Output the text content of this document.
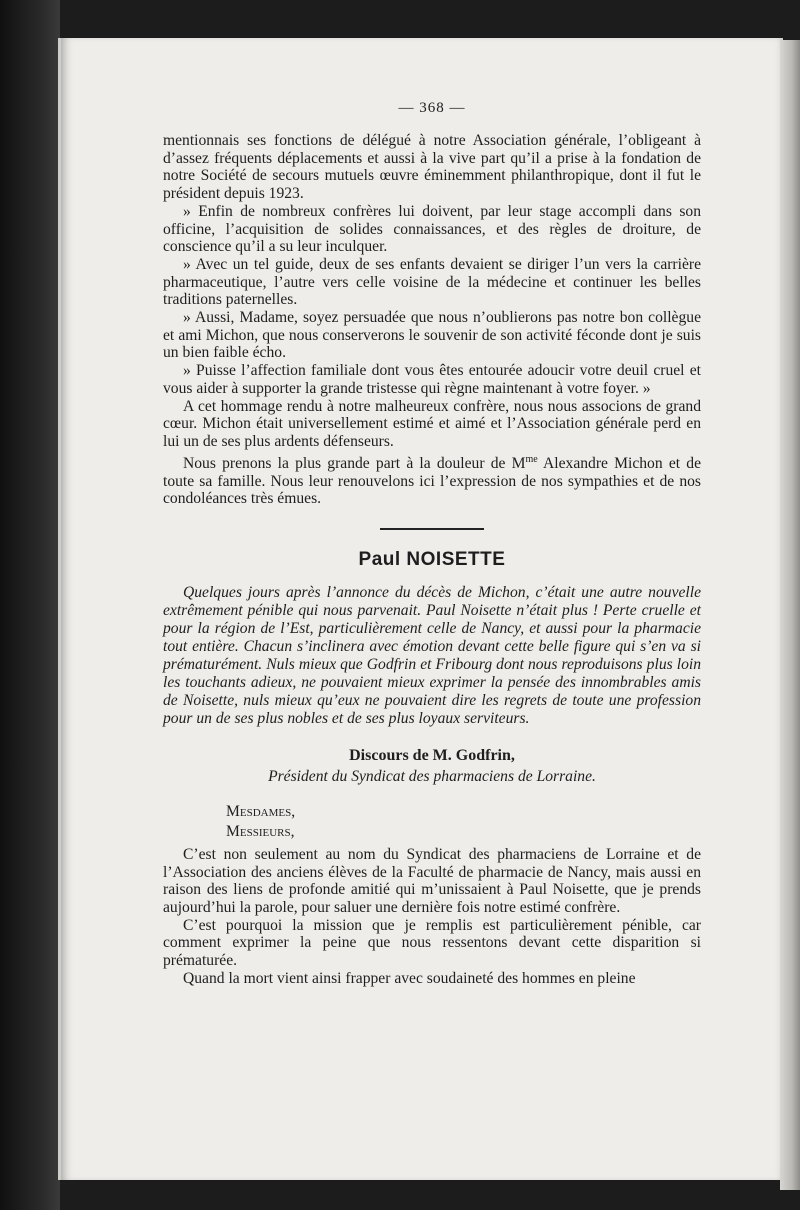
— 368 —

mentionnais ses fonctions de délégué à notre Association générale, l’obligeant à d’assez fréquents déplacements et aussi à la vive part qu’il a prise à la fondation de notre Société de secours mutuels œuvre éminemment philanthropique, dont il fut le président depuis 1923.

» Enfin de nombreux confrères lui doivent, par leur stage accompli dans son officine, l’acquisition de solides connaissances, et des règles de droiture, de conscience qu’il a su leur inculquer.

» Avec un tel guide, deux de ses enfants devaient se diriger l’un vers la carrière pharmaceutique, l’autre vers celle voisine de la médecine et continuer les belles traditions paternelles.

» Aussi, Madame, soyez persuadée que nous n’oublierons pas notre bon collègue et ami Michon, que nous conserverons le souvenir de son activité féconde dont je suis un bien faible écho.

» Puisse l’affection familiale dont vous êtes entourée adoucir votre deuil cruel et vous aider à supporter la grande tristesse qui règne maintenant à votre foyer. »

A cet hommage rendu à notre malheureux confrère, nous nous associons de grand cœur. Michon était universellement estimé et aimé et l’Association générale perd en lui un de ses plus ardents défenseurs.

Nous prenons la plus grande part à la douleur de $M^{me}$ Alexandre Michon et de toute sa famille. Nous leur renouvelons ici l’expression de nos sympathies et de nos condoléances très émues.

Paul NOISETTE

Quelques jours après l’annonce du décès de Michon, c’était une autre nouvelle extrêmement pénible qui nous parvenait. Paul Noisette n’était plus ! Perte cruelle et pour la région de l’Est, particulièrement celle de Nancy, et aussi pour la pharmacie tout entière. Chacun s’inclinera avec émotion devant cette belle figure qui s’en va si prématurément. Nuls mieux que Godfrin et Fribourg dont nous reproduisons plus loin les touchants adieux, ne pouvaient mieux exprimer la pensée des innombrables amis de Noisette, nuls mieux qu’eux ne pouvaient dire les regrets de toute une profession pour un de ses plus nobles et de ses plus loyaux serviteurs.

Discours de M. Godfrin,
Président du Syndicat des pharmaciens de Lorraine.
Mesdames,
Messieurs,

C’est non seulement au nom du Syndicat des pharmaciens de Lorraine et de l’Association des anciens élèves de la Faculté de pharmacie de Nancy, mais aussi en raison des liens de profonde amitié qui m’unissaient à Paul Noisette, que je prends aujourd’hui la parole, pour saluer une dernière fois notre estimé confrère.

C’est pourquoi la mission que je remplis est particulièrement pénible, car comment exprimer la peine que nous ressentons devant cette disparition si prématurée.

Quand la mort vient ainsi frapper avec soudaineté des hommes en pleine
